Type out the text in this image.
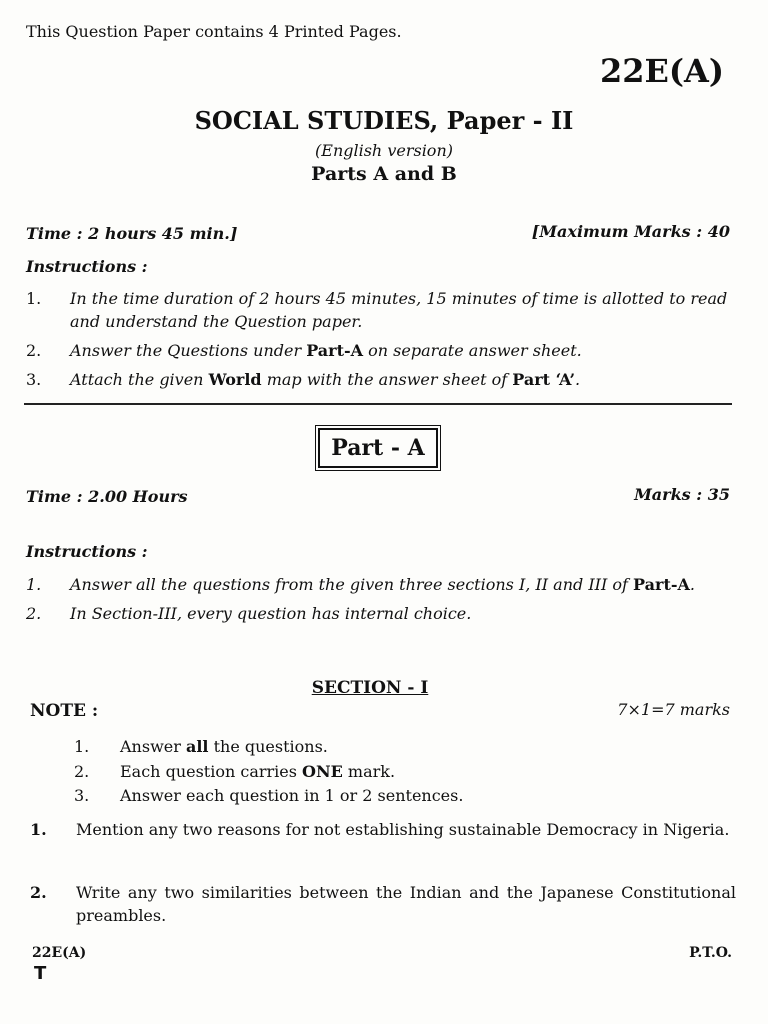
This Question Paper contains 4 Printed Pages.
22E(A)
SOCIAL STUDIES, Paper - II
(English version)
Parts A and B
Time : 2 hours 45 min.]	[Maximum Marks : 40
Instructions :
1.	In the time duration of 2 hours 45 minutes, 15 minutes of time is allotted to read and understand the Question paper.
2.	Answer the Questions under Part-A on separate answer sheet.
3.	Attach the given World map with the answer sheet of Part ‘A’.
Part - A
Time : 2.00 Hours	Marks : 35
Instructions :
1.	Answer all the questions from the given three sections I, II and III of Part-A.
2.	In Section-III, every question has internal choice.
SECTION - I
NOTE :	7×1=7 marks
1.	Answer all the questions.
2.	Each question carries ONE mark.
3.	Answer each question in 1 or 2 sentences.
1.	Mention any two reasons for not establishing sustainable Democracy in Nigeria.
2.	Write any two similarities between the Indian and the Japanese Constitutional preambles.
22E(A)
T
P.T.O.
